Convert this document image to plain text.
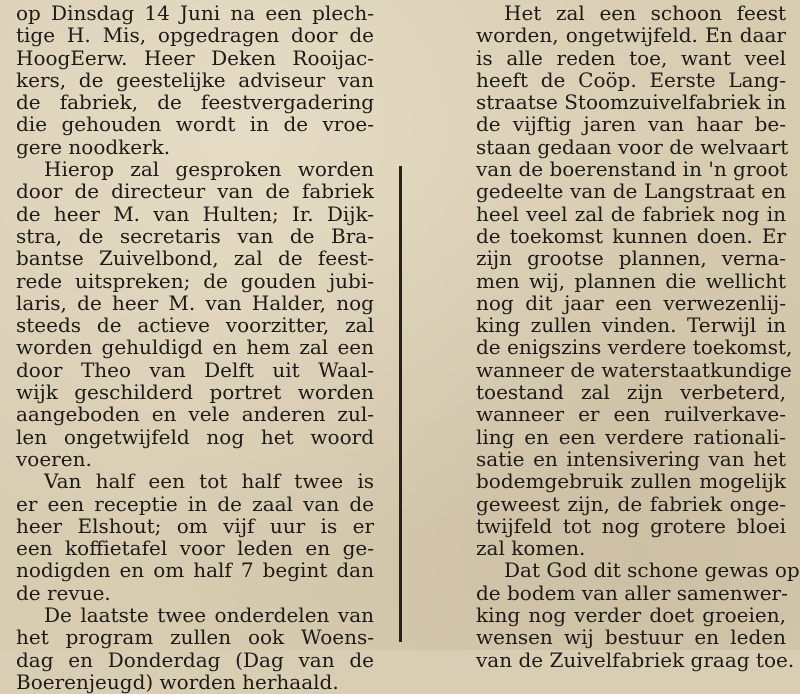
op Dinsdag 14 Juni na een plech-
tige H. Mis, opgedragen door de
HoogEerw. Heer Deken Rooijac-
kers, de geestelijke adviseur van
de fabriek, de feestvergadering
die gehouden wordt in de vroe-
gere noodkerk.
Hierop zal gesproken worden
door de directeur van de fabriek
de heer M. van Hulten; Ir. Dijk-
stra, de secretaris van de Bra-
bantse Zuivelbond, zal de feest-
rede uitspreken; de gouden jubi-
laris, de heer M. van Halder, nog
steeds de actieve voorzitter, zal
worden gehuldigd en hem zal een
door Theo van Delft uit Waal-
wijk geschilderd portret worden
aangeboden en vele anderen zul-
len ongetwijfeld nog het woord
voeren.
Van half een tot half twee is
er een receptie in de zaal van de
heer Elshout; om vijf uur is er
een koffietafel voor leden en ge-
nodigden en om half 7 begint dan
de revue.
De laatste twee onderdelen van
het program zullen ook Woens-
dag en Donderdag (Dag van de
Boerenjeugd) worden herhaald.
Het zal een schoon feest
worden, ongetwijfeld. En daar
is alle reden toe, want veel
heeft de Coöp. Eerste Lang-
straatse Stoomzuivelfabriek in
de vijftig jaren van haar be-
staan gedaan voor de welvaart
van de boerenstand in 'n groot
gedeelte van de Langstraat en
heel veel zal de fabriek nog in
de toekomst kunnen doen. Er
zijn grootse plannen, verna-
men wij, plannen die wellicht
nog dit jaar een verwezenlij-
king zullen vinden. Terwijl in
de enigszins verdere toekomst,
wanneer de waterstaatkundige
toestand zal zijn verbeterd,
wanneer er een ruilverkave-
ling en een verdere rationali-
satie en intensivering van het
bodemgebruik zullen mogelijk
geweest zijn, de fabriek onge-
twijfeld tot nog grotere bloei
zal komen.
Dat God dit schone gewas op
de bodem van aller samenwer-
king nog verder doet groeien,
wensen wij bestuur en leden
van de Zuivelfabriek graag toe.
